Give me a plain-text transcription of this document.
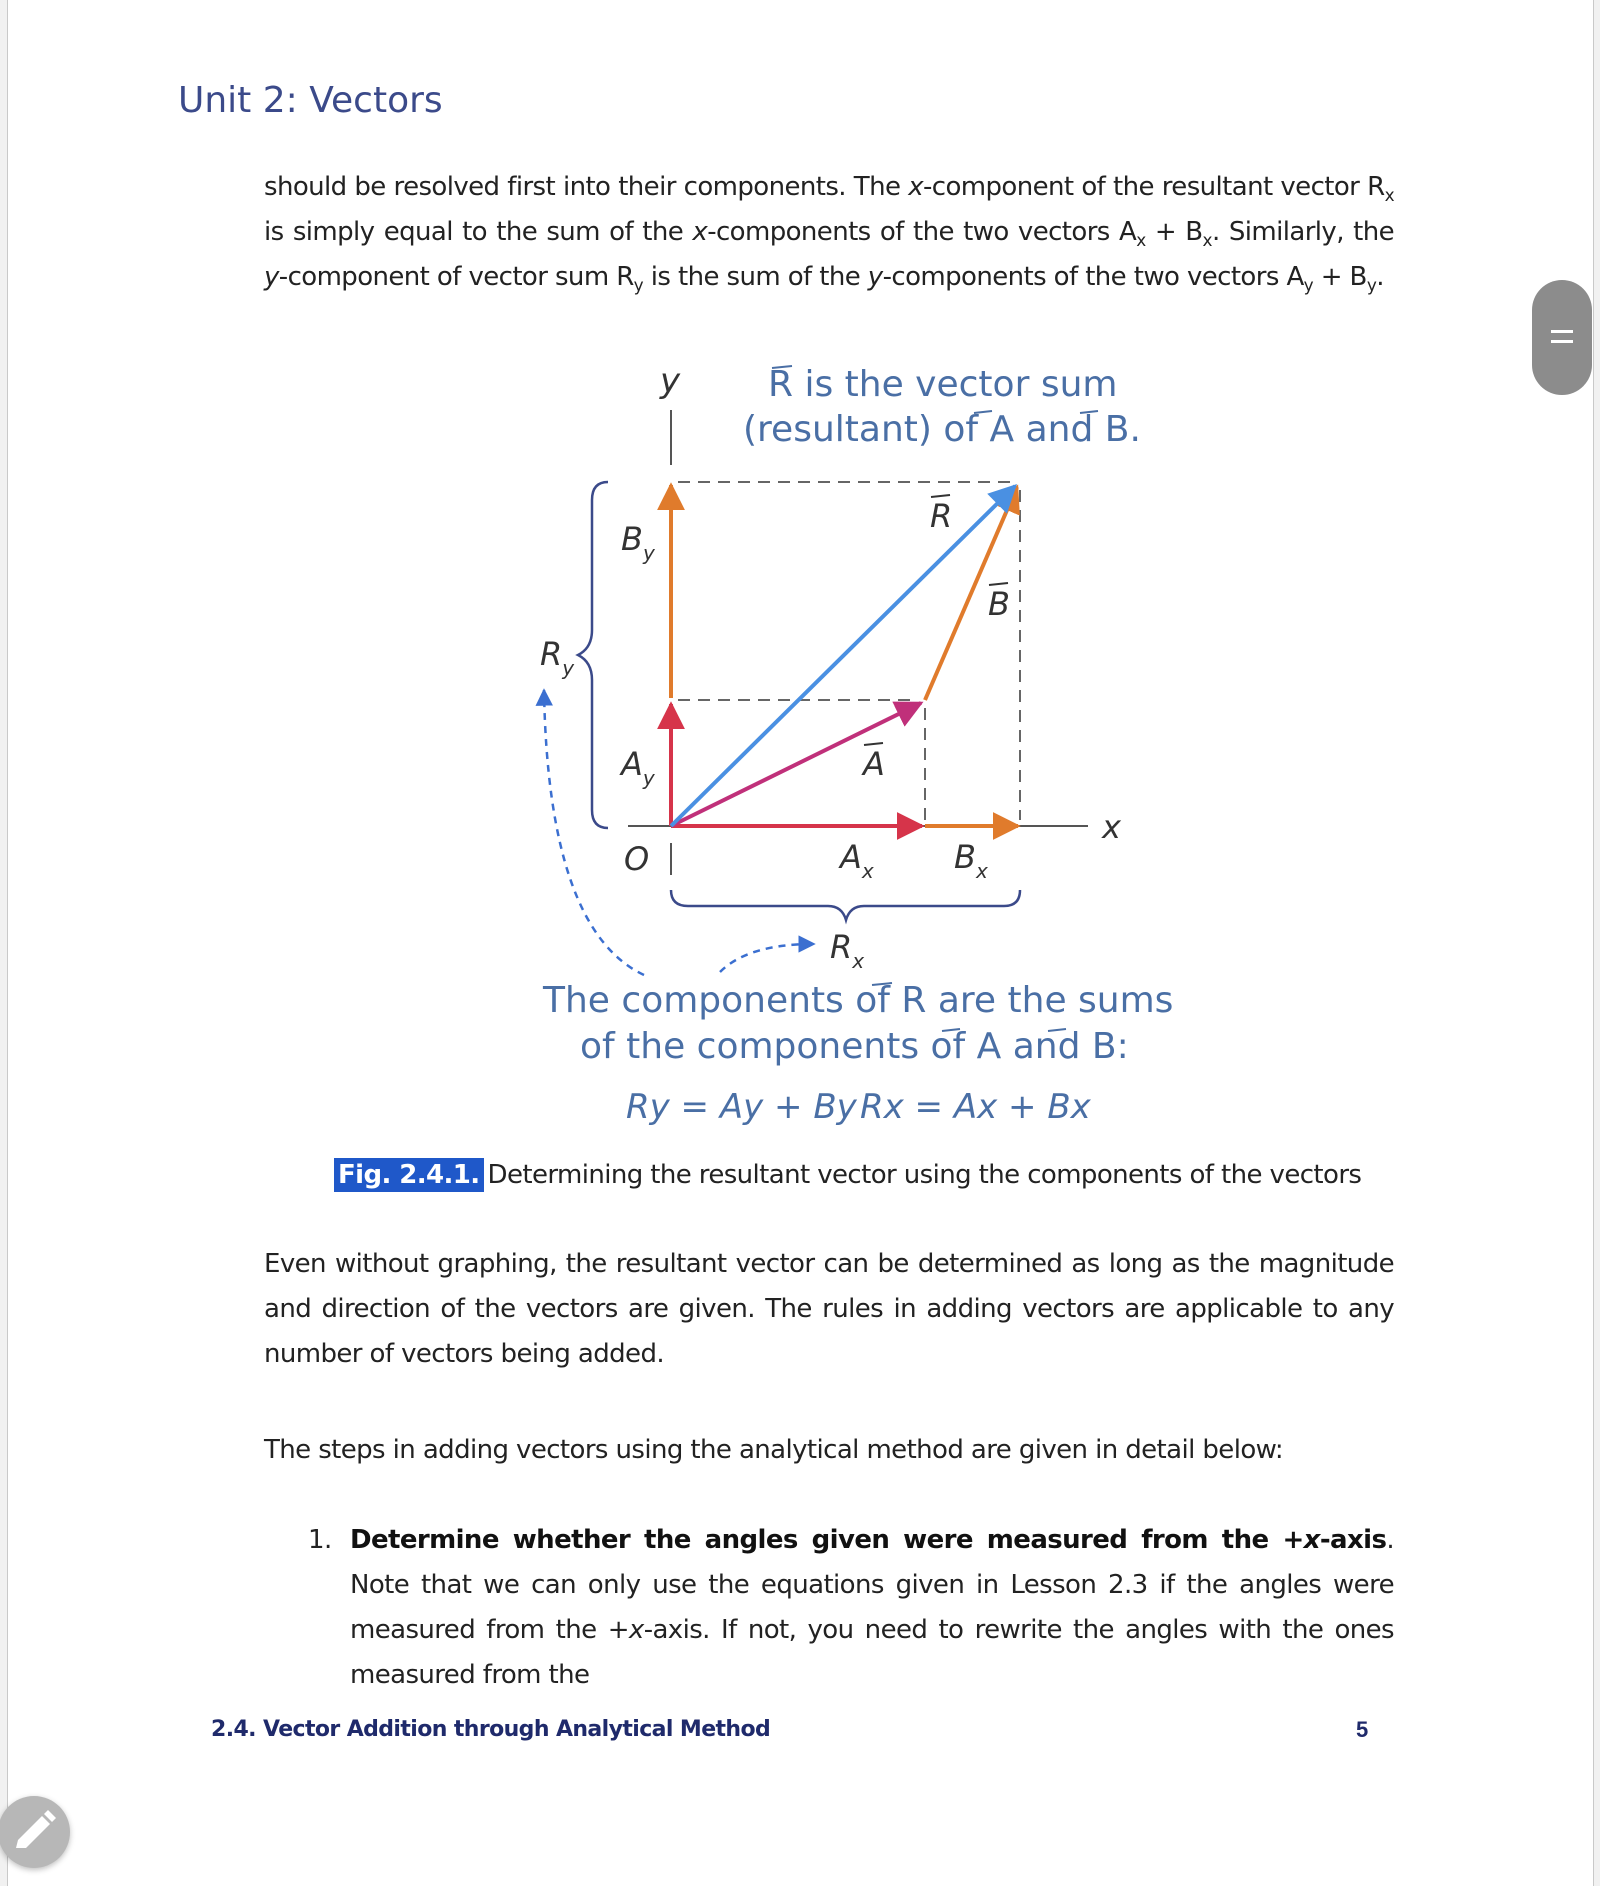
Unit 2: Vectors

should be resolved first into their components. The x-component of the resultant vector $R_x$ is simply equal to the sum of the x-components of the two vectors $A_x + B_x$. Similarly, the y-component of vector sum $R_y$ is the sum of the y-components of the two vectors $A_y + B_y$.

R is the vector sum
(resultant) of A and B.
y
x
O
R
B
A
$B_y$
$A_y$
$R_y$
$A_x$	$B_x$
$R_x$
The components of R are the sums
of the components of A and B:
Ry = Ay + By Rx = Ax + Bx
Fig. 2.4.1. Determining the resultant vector using the components of the vectors

Even without graphing, the resultant vector can be determined as long as the magnitude and direction of the vectors are given. The rules in adding vectors are applicable to any number of vectors being added.

The steps in adding vectors using the analytical method are given in detail below:

1. Determine whether the angles given were measured from the +x-axis. Note that we can only use the equations given in Lesson 2.3 if the angles were measured from the +x-axis. If not, you need to rewrite the angles with the ones measured from the
2.4. Vector Addition through Analytical Method	5
